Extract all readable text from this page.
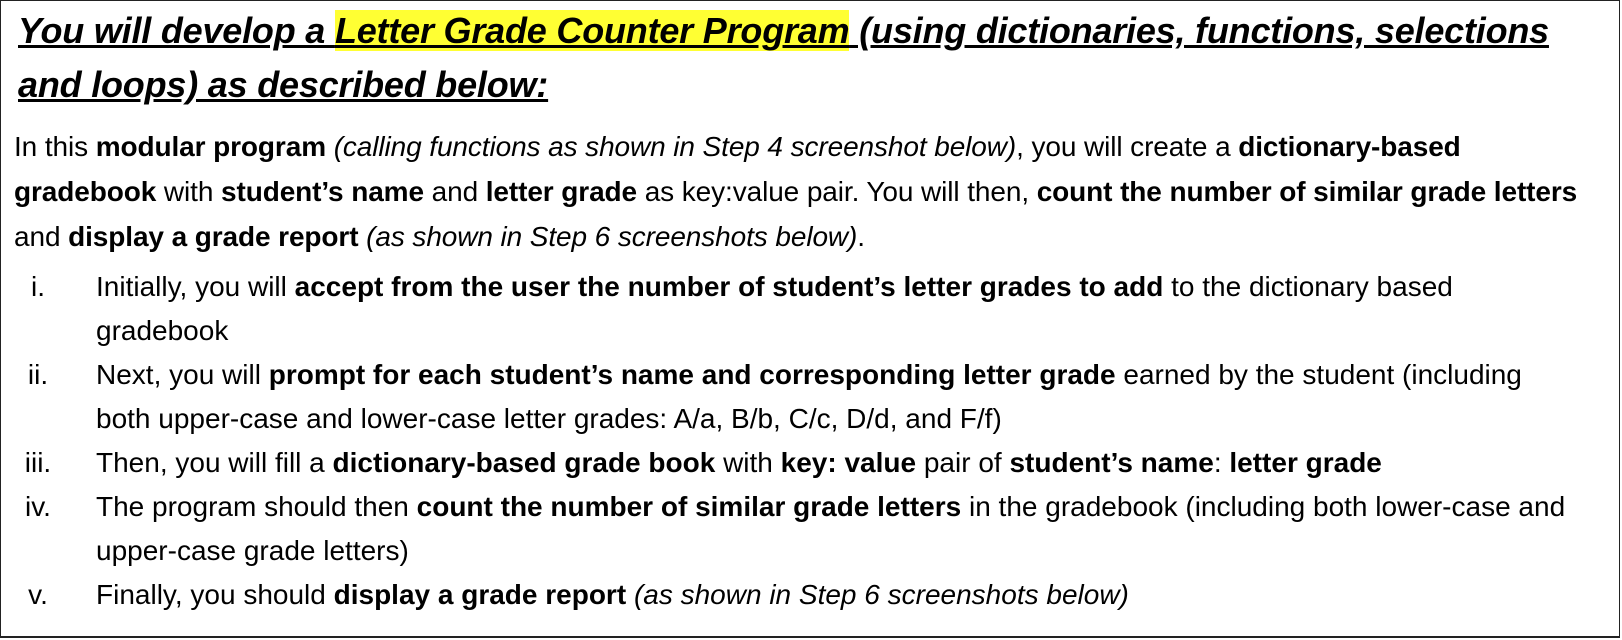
You will develop a Letter Grade Counter Program (using dictionaries, functions, selections and loops) as described below:
In this modular program (calling functions as shown in Step 4 screenshot below), you will create a dictionary-based gradebook with student’s name and letter grade as key:value pair. You will then, count the number of similar grade letters and display a grade report (as shown in Step 6 screenshots below).
i.	Initially, you will accept from the user the number of student’s letter grades to add to the dictionary based gradebook
ii.	Next, you will prompt for each student’s name and corresponding letter grade earned by the student (including both upper-case and lower-case letter grades: A/a, B/b, C/c, D/d, and F/f)
iii.	Then, you will fill a dictionary-based grade book with key: value pair of student’s name: letter grade
iv.	The program should then count the number of similar grade letters in the gradebook (including both lower-case and upper-case grade letters)
v.	Finally, you should display a grade report (as shown in Step 6 screenshots below)
